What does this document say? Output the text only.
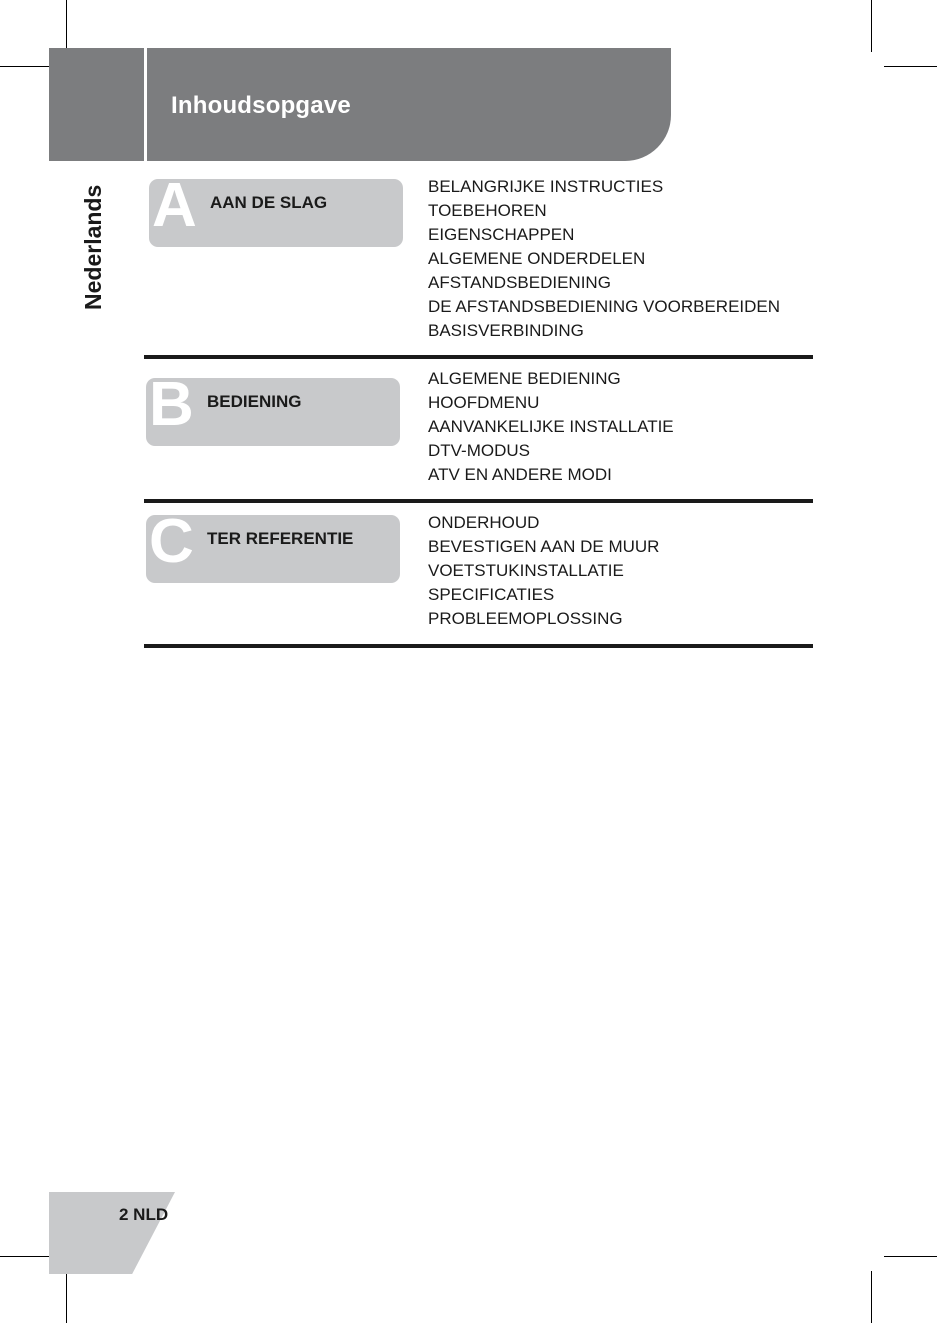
Inhoudsopgave
Nederlands A AAN DE SLAG
BELANGRIJKE INSTRUCTIES
TOEBEHOREN
EIGENSCHAPPEN
ALGEMENE ONDERDELEN
AFSTANDSBEDIENING
DE AFSTANDSBEDIENING VOORBEREIDEN
BASISVERBINDING
B BEDIENING
ALGEMENE BEDIENING
HOOFDMENU
AANVANKELIJKE INSTALLATIE
DTV-MODUS
ATV EN ANDERE MODI
C TER REFERENTIE
ONDERHOUD
BEVESTIGEN AAN DE MUUR
VOETSTUKINSTALLATIE
SPECIFICATIES
PROBLEEMOPLOSSING
2 NLD
